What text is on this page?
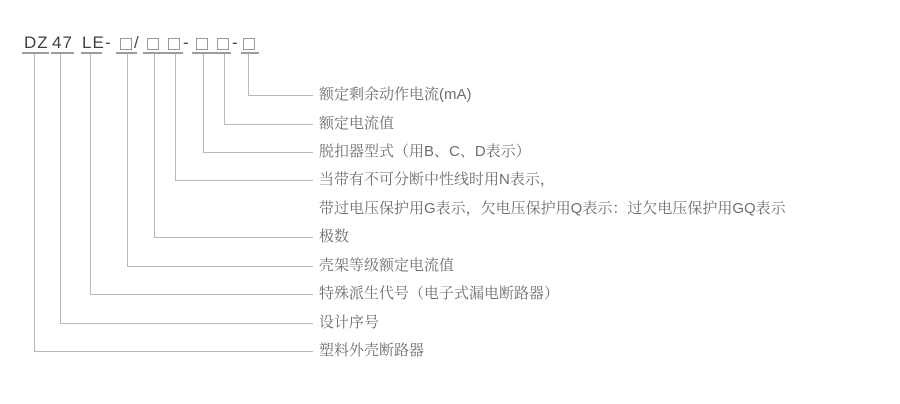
DZ 47 LE - /	-	-
额定剩余动作电流(mA)
额定电流值
脱扣器型式（用B、C、D表示）
当带有不可分断中性线时用N表示，
带过电压保护用G表示，欠电压保护用Q表示：过欠电压保护用GQ表示
极数
壳架等级额定电流值
特殊派生代号（电子式漏电断路器）
设计序号
塑料外壳断路器
